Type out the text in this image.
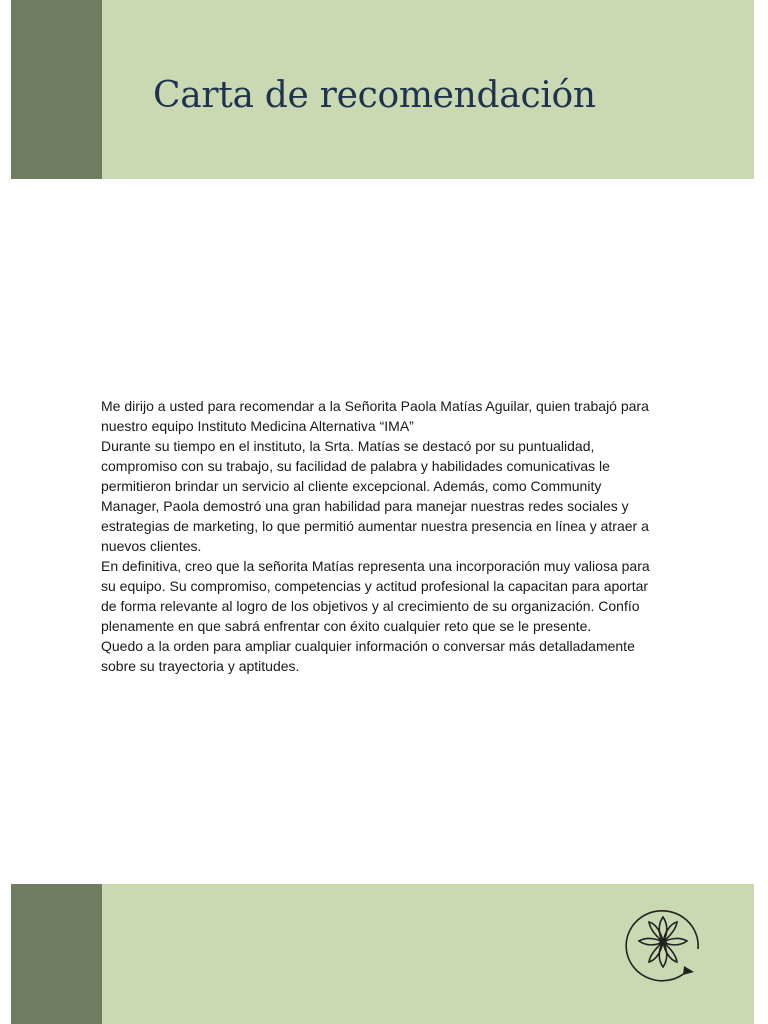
Carta de recomendación

Me dirijo a usted para recomendar a la Señorita Paola Matías Aguilar, quien trabajó para nuestro equipo Instituto Medicina Alternativa “IMA”

Durante su tiempo en el instituto, la Srta. Matías se destacó por su puntualidad, compromiso con su trabajo, su facilidad de palabra y habilidades comunicativas le permitieron brindar un servicio al cliente excepcional. Además, como Community Manager, Paola demostró una gran habilidad para manejar nuestras redes sociales y estrategias de marketing, lo que permitió aumentar nuestra presencia en línea y atraer a nuevos clientes.

En definitiva, creo que la señorita Matías representa una incorporación muy valiosa para su equipo. Su compromiso, competencias y actitud profesional la capacitan para aportar de forma relevante al logro de los objetivos y al crecimiento de su organización. Confío plenamente en que sabrá enfrentar con éxito cualquier reto que se le presente.

Quedo a la orden para ampliar cualquier información o conversar más detalladamente sobre su trayectoria y aptitudes.
